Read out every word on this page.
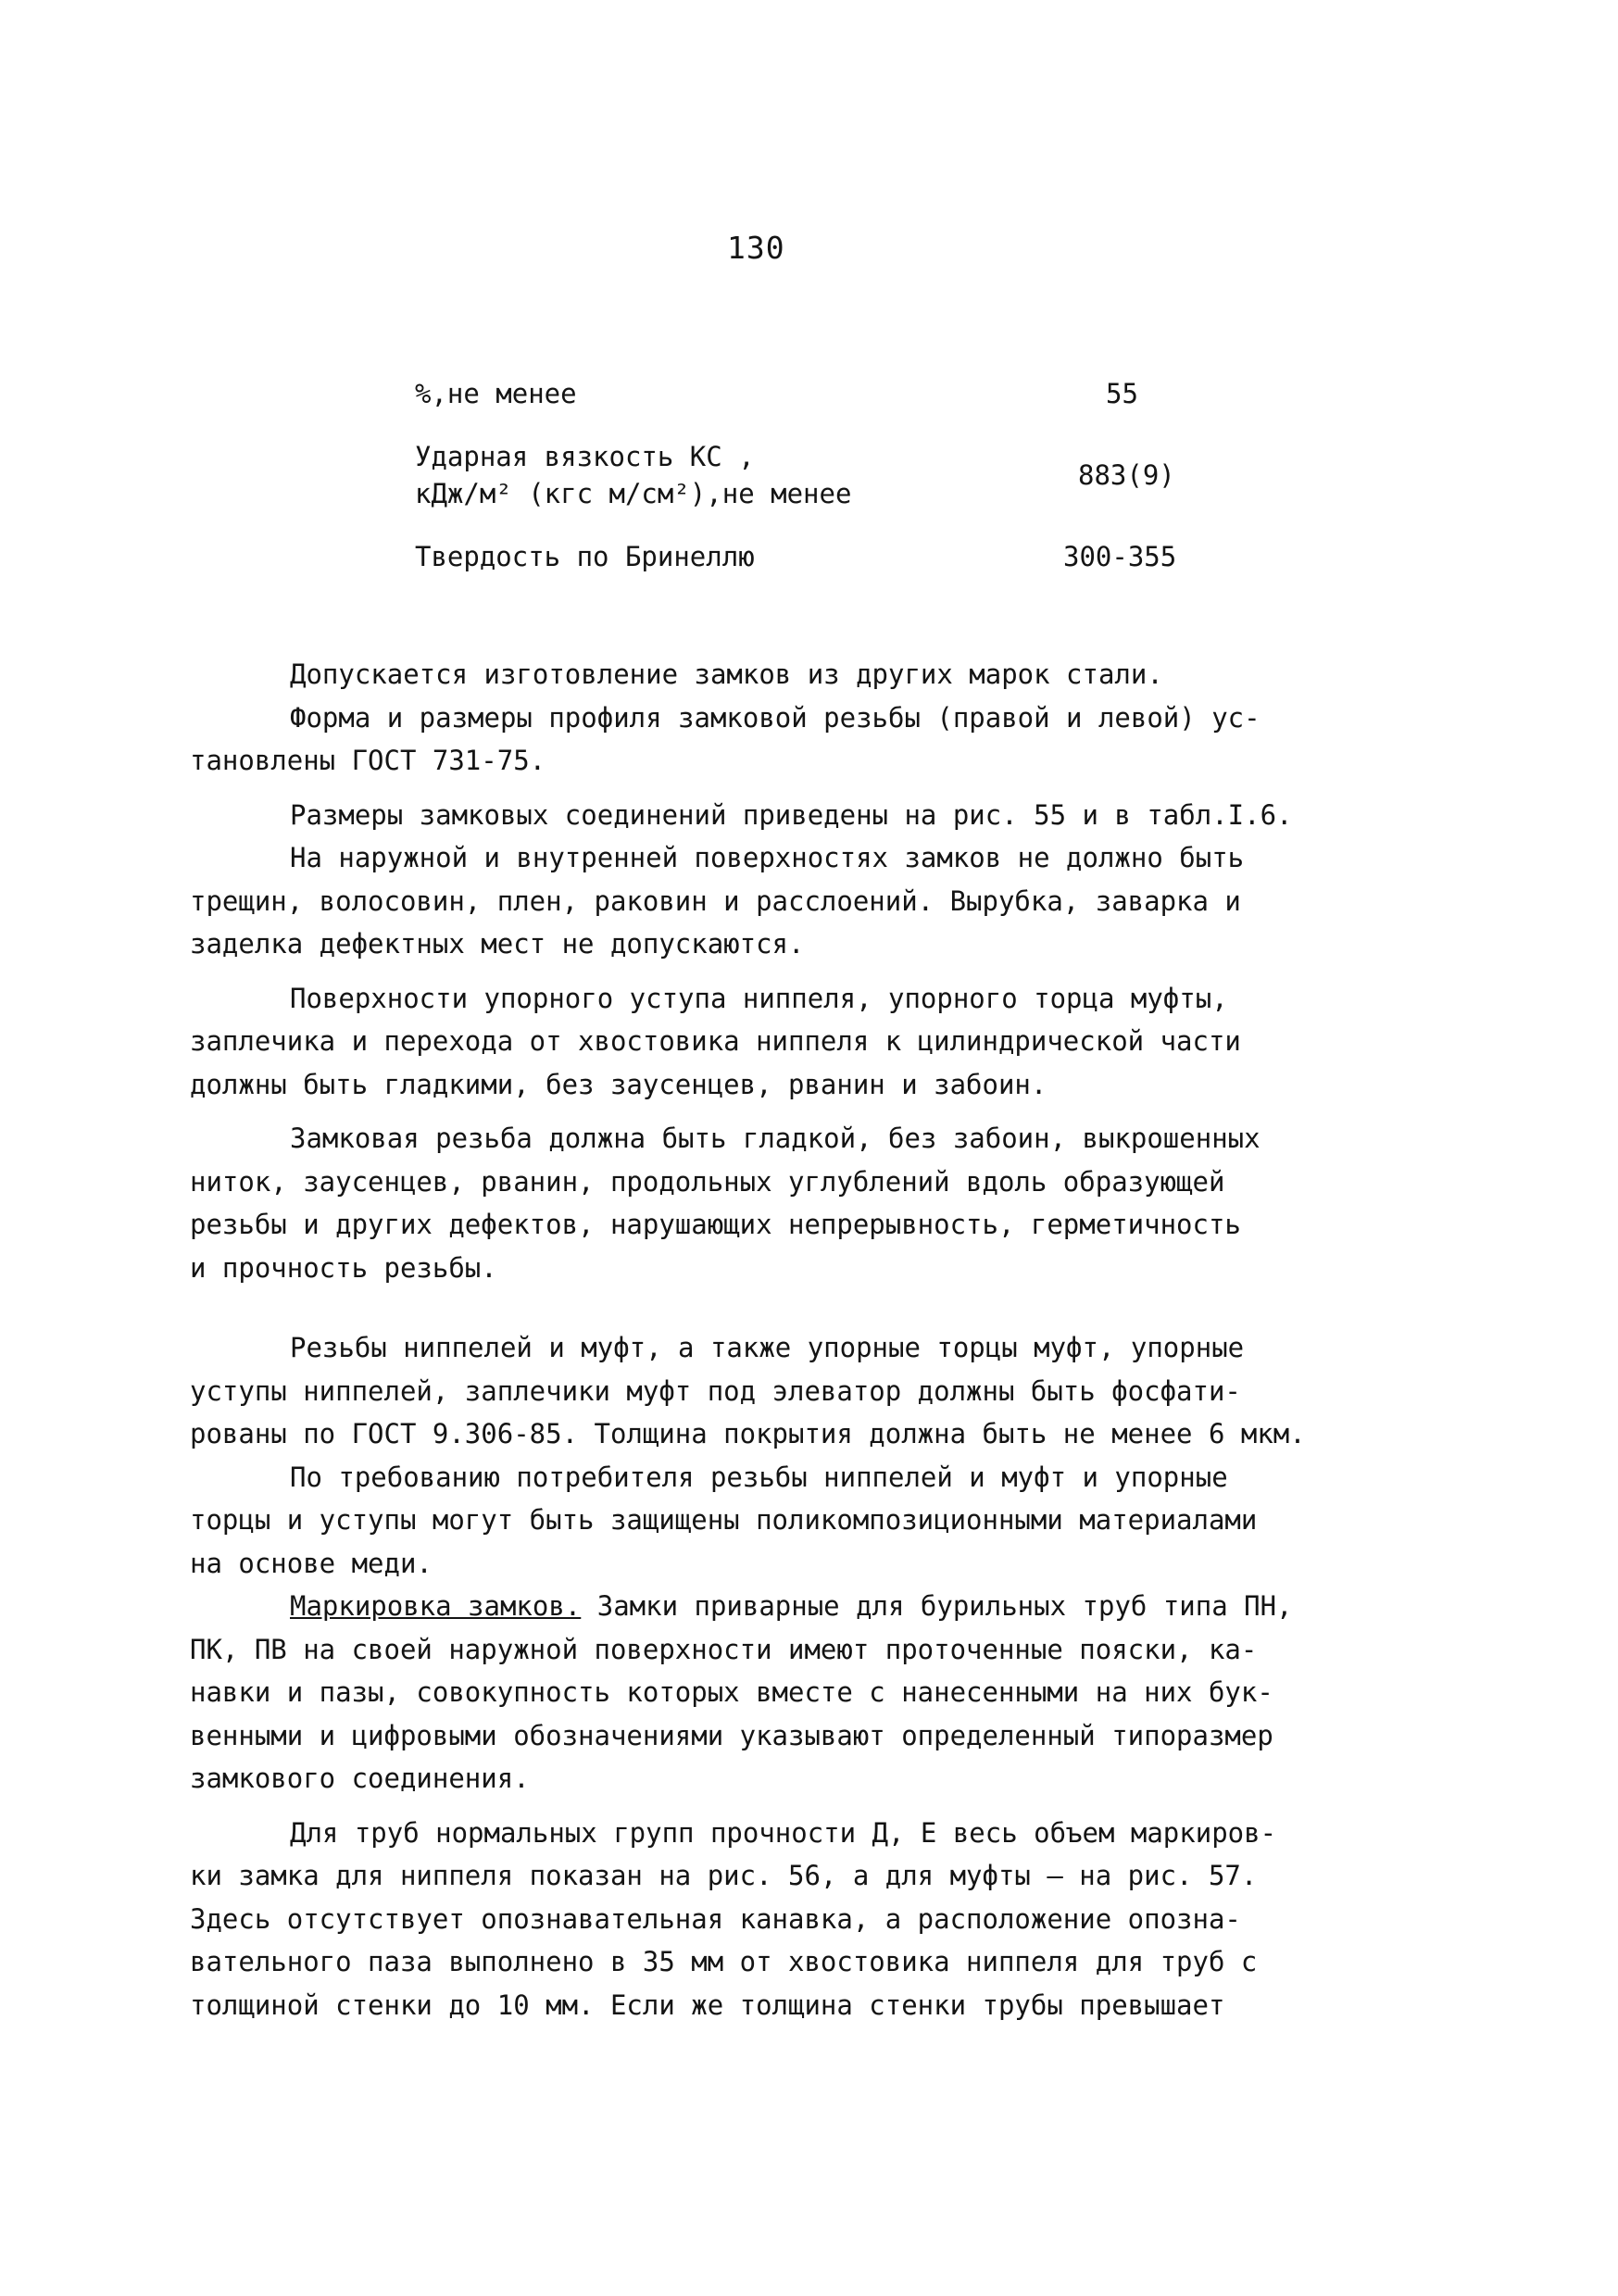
130
%,не менее	55
Ударная вязкость КС ,
кДж/м² (кгс м/см²),не менее
883(9)
Твердость по Бринеллю	300-355

Допускается изготовление замков из других марок стали.

Форма и размеры профиля замковой резьбы (правой и левой) ус-
тановлены ГОСТ 731-75.

Размеры замковых соединений приведены на рис. 55 и в табл.I.6.

На наружной и внутренней поверхностях замков не должно быть
трещин, волосовин, плен, раковин и расслоений. Вырубка, заварка и
заделка дефектных мест не допускаются.

Поверхности упорного уступа ниппеля, упорного торца муфты,
заплечика и перехода от хвостовика ниппеля к цилиндрической части
должны быть гладкими, без заусенцев, рванин и забоин.

Замковая резьба должна быть гладкой, без забоин, выкрошенных
ниток, заусенцев, рванин, продольных углублений вдоль образующей
резьбы и других дефектов, нарушающих непрерывность, герметичность
и прочность резьбы.

Резьбы ниппелей и муфт, а также упорные торцы муфт, упорные
уступы ниппелей, заплечики муфт под элеватор должны быть фосфати-
рованы по ГОСТ 9.306-85. Толщина покрытия должна быть не менее 6 мкм.

По требованию потребителя резьбы ниппелей и муфт и упорные
торцы и уступы могут быть защищены поликомпозиционными материалами
на основе меди.

Маркировка замков. Замки приварные для бурильных труб типа ПН,
ПК, ПВ на своей наружной поверхности имеют проточенные пояски, ка-
навки и пазы, совокупность которых вместе с нанесенными на них бук-
венными и цифровыми обозначениями указывают определенный типоразмер
замкового соединения.

Для труб нормальных групп прочности Д, Е весь объем маркиров-
ки замка для ниппеля показан на рис. 56, а для муфты — на рис. 57.
Здесь отсутствует опознавательная канавка, а расположение опозна-
вательного паза выполнено в 35 мм от хвостовика ниппеля для труб с
толщиной стенки до 10 мм. Если же толщина стенки трубы превышает
